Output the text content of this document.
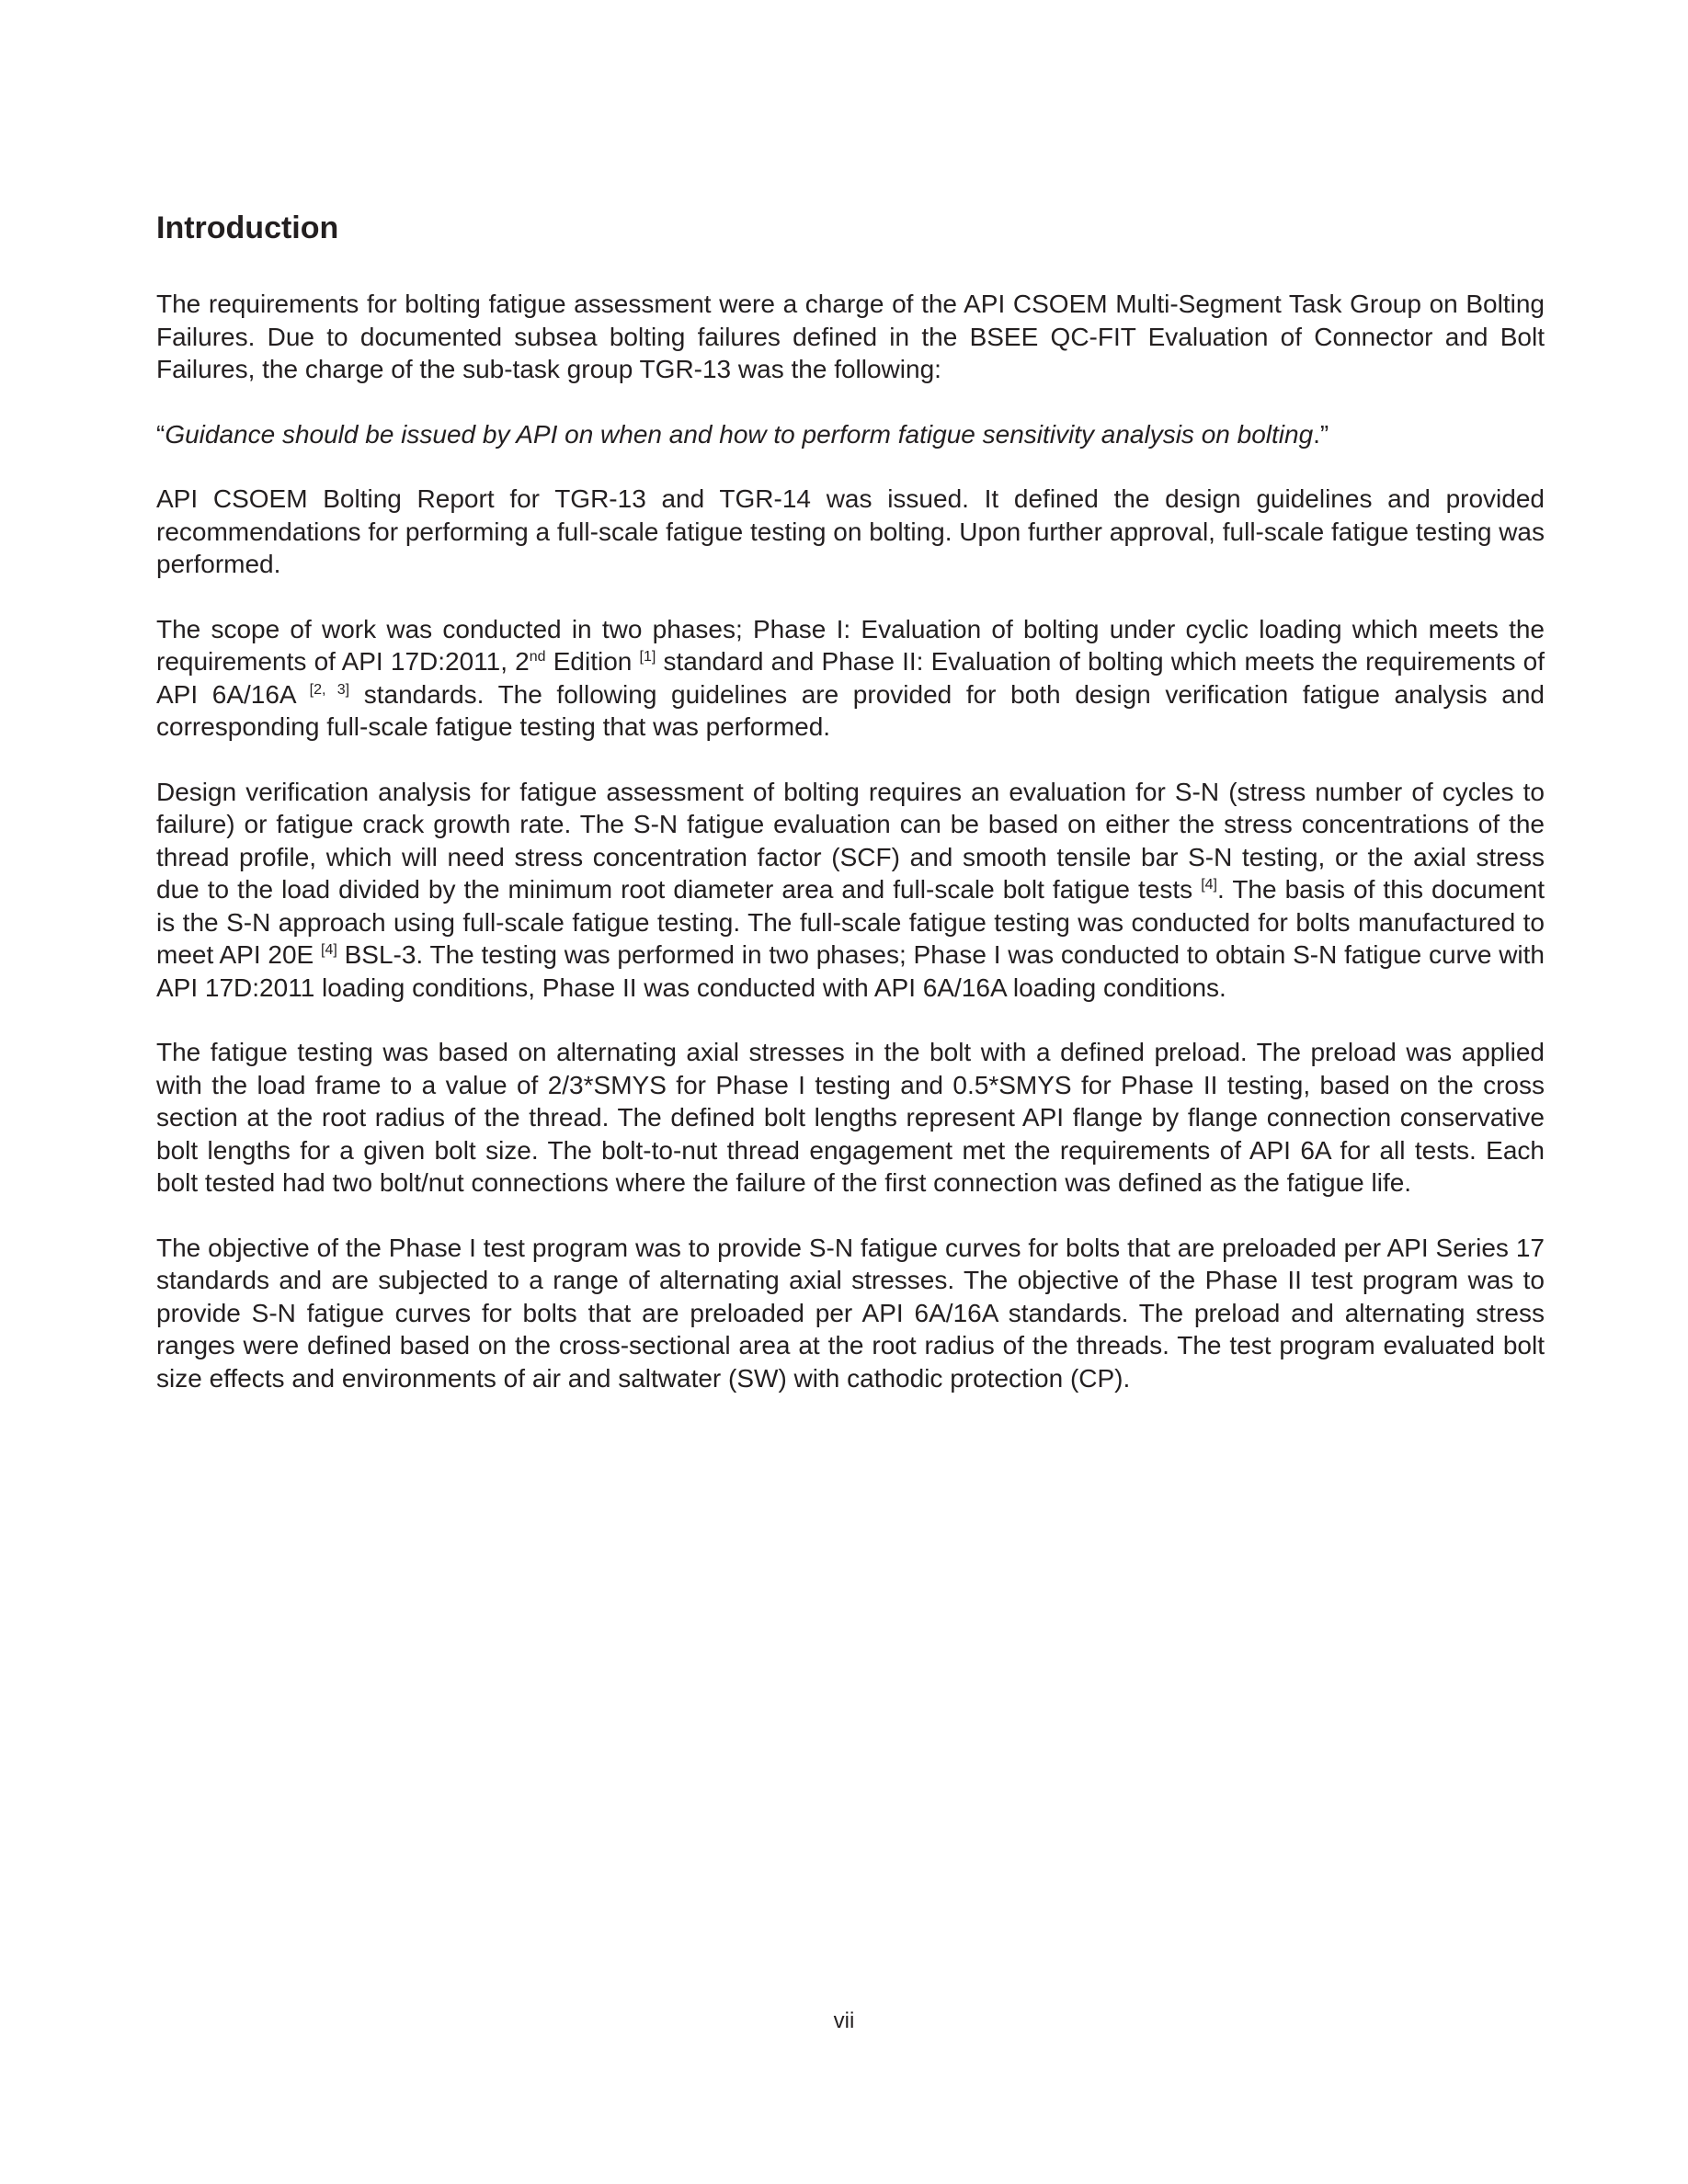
Introduction

The requirements for bolting fatigue assessment were a charge of the API CSOEM Multi-Segment Task Group on Bolting Failures. Due to documented subsea bolting failures defined in the BSEE QC-FIT Evaluation of Connector and Bolt Failures, the charge of the sub-task group TGR-13 was the following:

“Guidance should be issued by API on when and how to perform fatigue sensitivity analysis on bolting.”

API CSOEM Bolting Report for TGR-13 and TGR-14 was issued. It defined the design guidelines and provided recommendations for performing a full-scale fatigue testing on bolting. Upon further approval, full-scale fatigue testing was performed.

The scope of work was conducted in two phases; Phase I: Evaluation of bolting under cyclic loading which meets the requirements of API 17D:2011, 2nd Edition [1] standard and Phase II: Evaluation of bolting which meets the requirements of API 6A/16A [2, 3] standards. The following guidelines are provided for both design verification fatigue analysis and corresponding full-scale fatigue testing that was performed.

Design verification analysis for fatigue assessment of bolting requires an evaluation for S-N (stress number of cycles to failure) or fatigue crack growth rate. The S-N fatigue evaluation can be based on either the stress concentrations of the thread profile, which will need stress concentration factor (SCF) and smooth tensile bar S-N testing, or the axial stress due to the load divided by the minimum root diameter area and full-scale bolt fatigue tests [4]. The basis of this document is the S-N approach using full-scale fatigue testing. The full-scale fatigue testing was conducted for bolts manufactured to meet API 20E [4] BSL-3. The testing was performed in two phases; Phase I was conducted to obtain S-N fatigue curve with API 17D:2011 loading conditions, Phase II was conducted with API 6A/16A loading conditions.

The fatigue testing was based on alternating axial stresses in the bolt with a defined preload. The preload was applied with the load frame to a value of 2/3*SMYS for Phase I testing and 0.5*SMYS for Phase II testing, based on the cross section at the root radius of the thread. The defined bolt lengths represent API flange by flange connection conservative bolt lengths for a given bolt size. The bolt-to-nut thread engagement met the requirements of API 6A for all tests. Each bolt tested had two bolt/nut connections where the failure of the first connection was defined as the fatigue life.

The objective of the Phase I test program was to provide S-N fatigue curves for bolts that are preloaded per API Series 17 standards and are subjected to a range of alternating axial stresses. The objective of the Phase II test program was to provide S-N fatigue curves for bolts that are preloaded per API 6A/16A standards. The preload and alternating stress ranges were defined based on the cross-sectional area at the root radius of the threads. The test program evaluated bolt size effects and environments of air and saltwater (SW) with cathodic protection (CP).

vii
